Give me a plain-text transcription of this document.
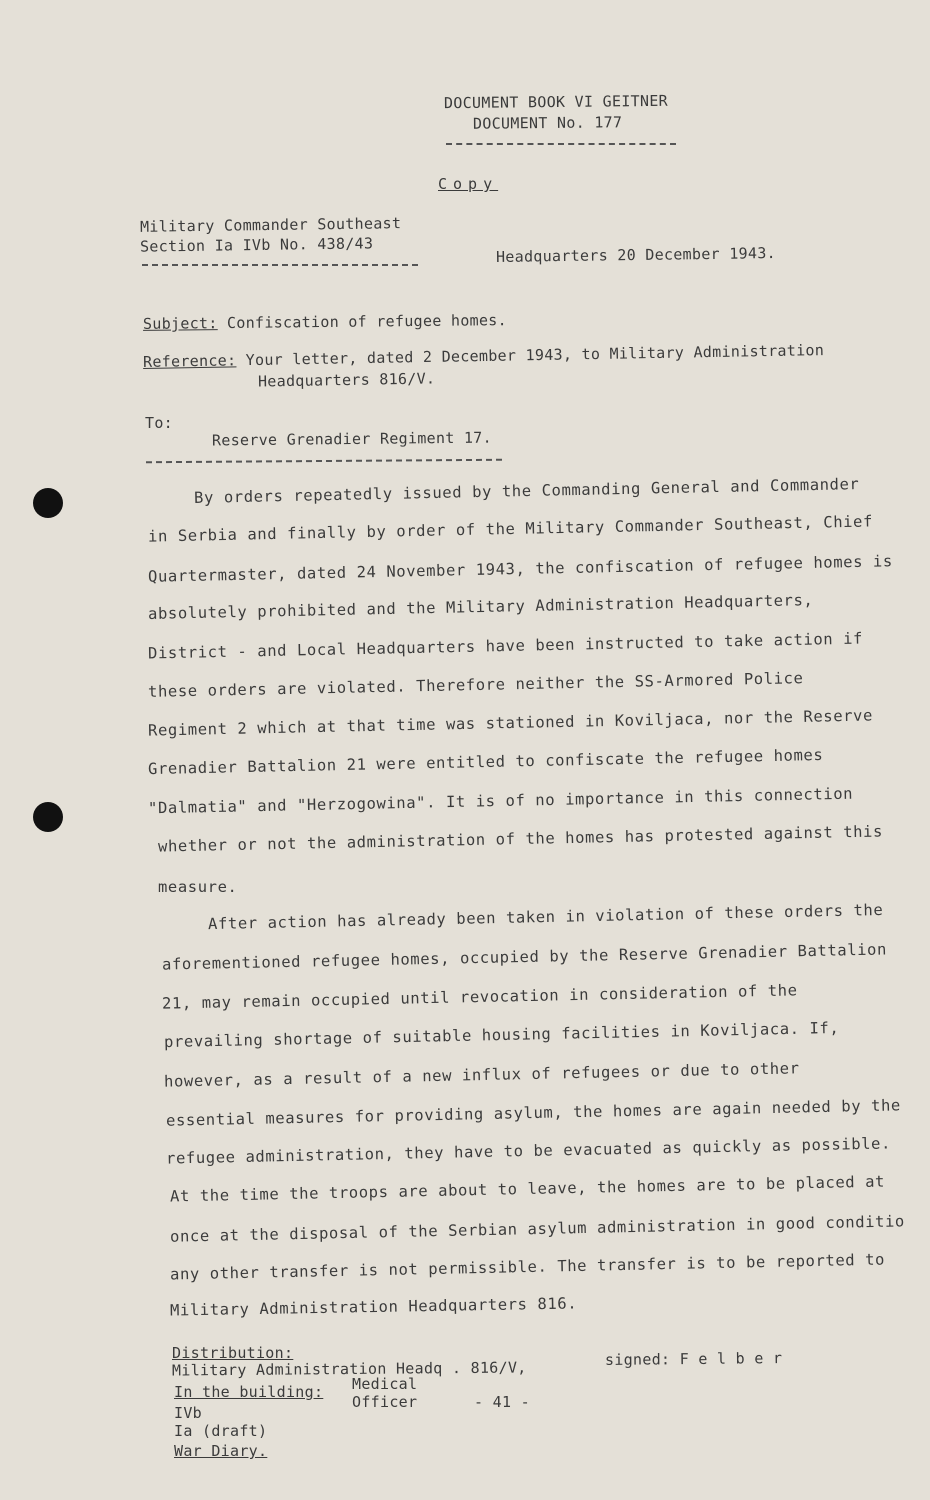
DOCUMENT BOOK VI GEITNER
DOCUMENT No. 177
Copy
Military Commander Southeast
Section Ia IVb No. 438/43	Headquarters 20 December 1943.
Subject: Confiscation of refugee homes.
Reference: Your letter, dated 2 December 1943, to Military Administration
Headquarters 816/V.
To:
Reserve Grenadier Regiment 17.
By orders repeatedly issued by the Commanding General and Commander
in Serbia and finally by order of the Military Commander Southeast, Chief
Quartermaster, dated 24 November 1943, the confiscation of refugee homes is
absolutely prohibited and the Military Administration Headquarters,
District - and Local Headquarters have been instructed to take action if
these orders are violated. Therefore neither the SS-Armored Police
Regiment 2 which at that time was stationed in Koviljaca, nor the Reserve
Grenadier Battalion 21 were entitled to confiscate the refugee homes
"Dalmatia" and "Herzogowina". It is of no importance in this connection
whether or not the administration of the homes has protested against this
measure.
After action has already been taken in violation of these orders the
aforementioned refugee homes, occupied by the Reserve Grenadier Battalion
21, may remain occupied until revocation in consideration of the
prevailing shortage of suitable housing facilities in Koviljaca. If,
however, as a result of a new influx of refugees or due to other
essential measures for providing asylum, the homes are again needed by the
refugee administration, they have to be evacuated as quickly as possible.
At the time the troops are about to leave, the homes are to be placed at
once at the disposal of the Serbian asylum administration in good conditio
any other transfer is not permissible. The transfer is to be reported to
Military Administration Headquarters 816.
Distribution:
Military Administration Headq . 816/V,
In the building: Medical
Officer	- 41 -
IVb
Ia (draft)
War Diary.
signed: F e l b e r
